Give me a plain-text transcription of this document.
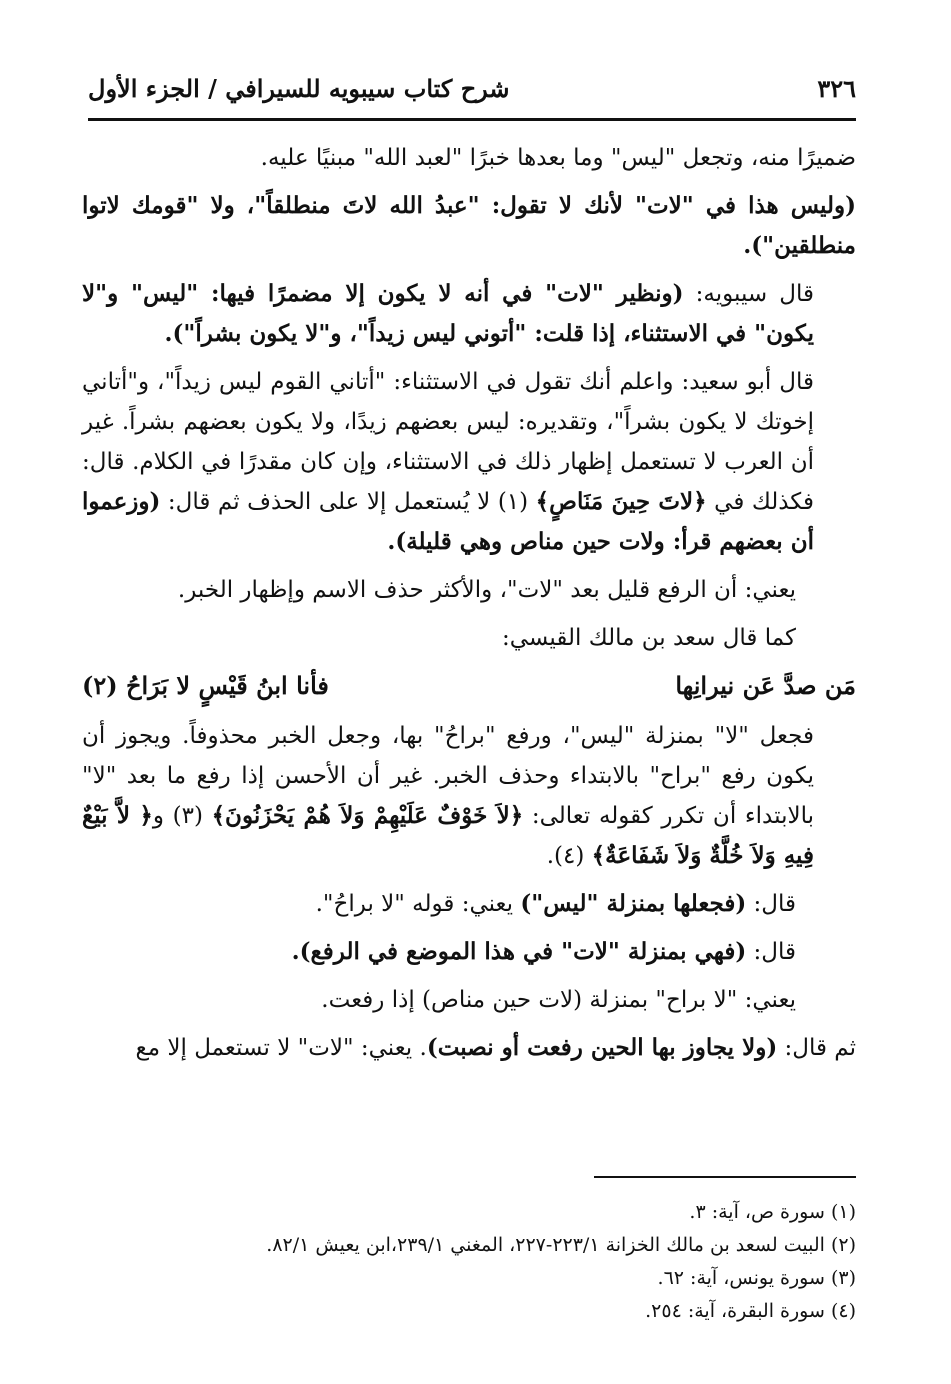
٣٢٦
شرح كتاب سيبويه للسيرافي / الجزء الأول

ضميرًا منه، وتجعل "ليس" وما بعدها خبرًا "لعبد الله" مبنيًا عليه.

(وليس هذا في "لات" لأنك لا تقول: "عبدُ الله لاتَ منطلقاً"، ولا "قومك لاتوا منطلقين").

قال سيبويه: (ونظير "لات" في أنه لا يكون إلا مضمرًا فيها: "ليس" و"لا يكون" في الاستثناء، إذا قلت: "أتوني ليس زيداً"، و"لا يكون بشراً").

قال أبو سعيد: واعلم أنك تقول في الاستثناء: "أتاني القوم ليس زيداً"، و"أتاني إخوتك لا يكون بشراً"، وتقديره: ليس بعضهم زيدًا، ولا يكون بعضهم بشراً. غير أن العرب لا تستعمل إظهار ذلك في الاستثناء، وإن كان مقدرًا في الكلام. قال: فكذلك في ﴿لاتَ حِينَ مَنَاصٍ﴾ (١) لا يُستعمل إلا على الحذف ثم قال: (وزعموا أن بعضهم قرأ: ولات حين مناص وهي قليلة).

يعني: أن الرفع قليل بعد "لات"، والأكثر حذف الاسم وإظهار الخبر.

كما قال سعد بن مالك القيسي:

مَن صدَّ عَن نيرانِها
فأنا ابنُ قَيْسٍ لا بَرَاحُ (٢)

فجعل "لا" بمنزلة "ليس"، ورفع "براحُ" بها، وجعل الخبر محذوفاً. ويجوز أن يكون رفع "براح" بالابتداء وحذف الخبر. غير أن الأحسن إذا رفع ما بعد "لا" بالابتداء أن تكرر كقوله تعالى: ﴿لاَ خَوْفٌ عَلَيْهِمْ وَلاَ هُمْ يَحْزَنُونَ﴾ (٣) و﴿ لاَّ بَيْعٌ فِيهِ وَلاَ خُلَّةٌ وَلاَ شَفَاعَةٌ﴾ (٤).

قال: (فجعلها بمنزلة "ليس") يعني: قوله "لا براحُ".

قال: (فهي بمنزلة "لات" في هذا الموضع في الرفع).

يعني: "لا براح" بمنزلة (لات حين مناص) إذا رفعت.

ثم قال: (ولا يجاوز بها الحين رفعت أو نصبت). يعني: "لات" لا تستعمل إلا مع

(١) سورة ص، آية: ٣.
(٢) البيت لسعد بن مالك الخزانة ٢٢٣/١-٢٢٧، المغني ٢٣٩/١،ابن يعيش ٨٢/١.
(٣) سورة يونس، آية: ٦٢.
(٤) سورة البقرة، آية: ٢٥٤.
